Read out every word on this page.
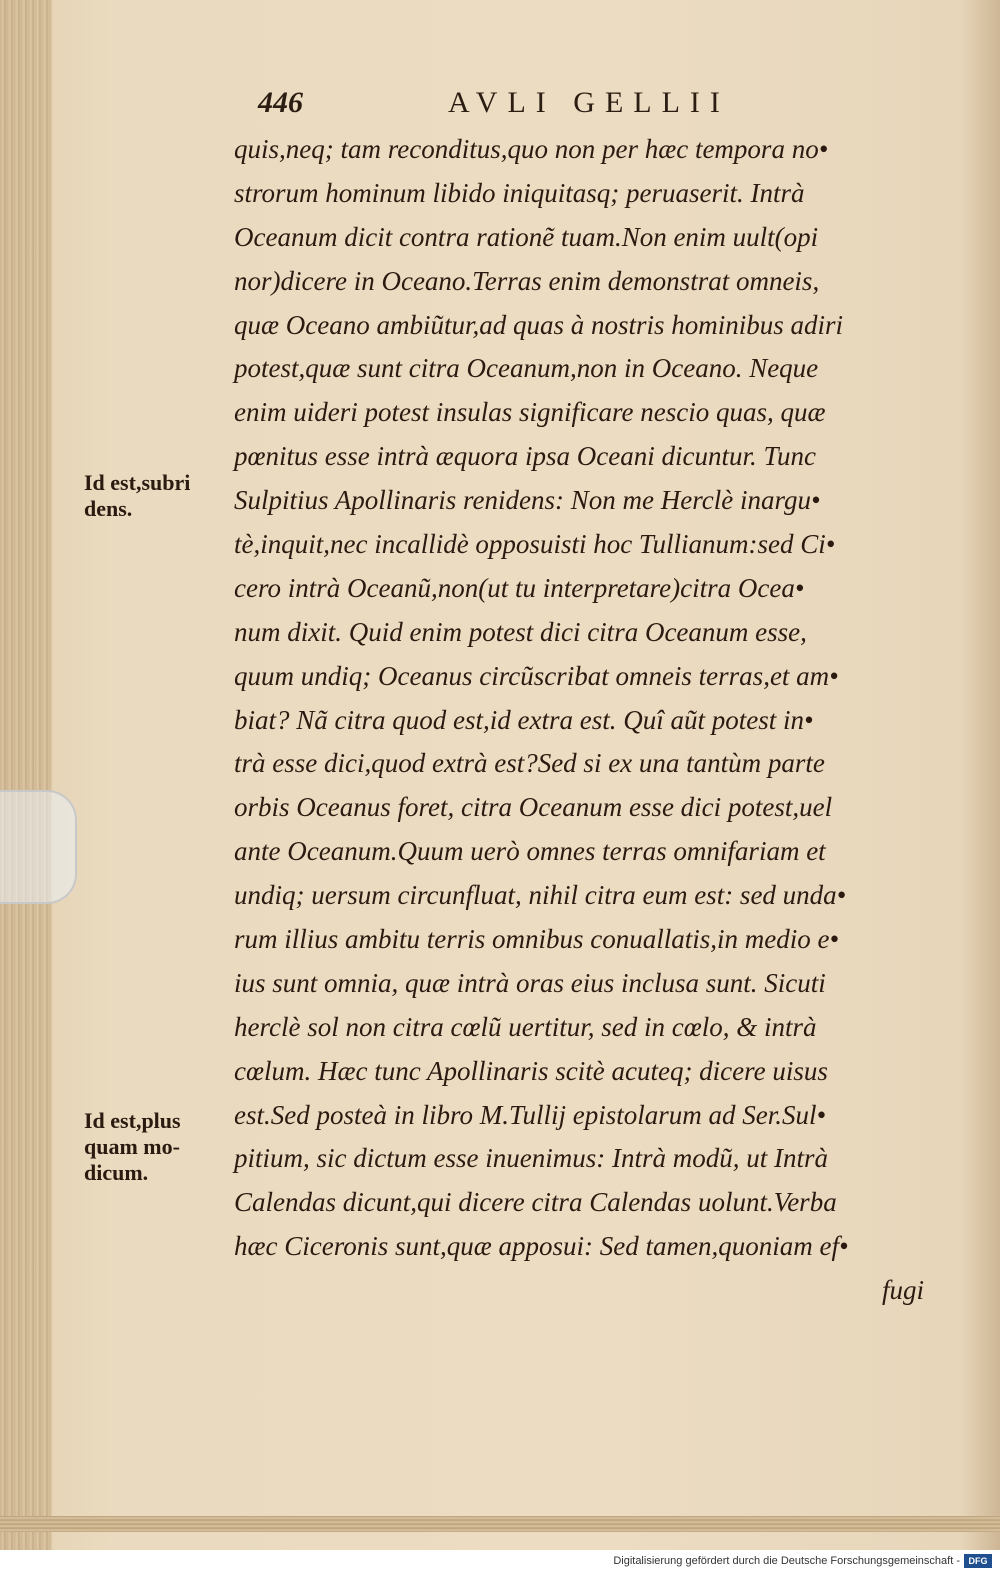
446	AVLI GELLII
quis,neq; tam reconditus,quo non per hæc tempora no•
strorum hominum libido iniquitasq; peruaserit. Intrà
Oceanum dicit contra rationẽ tuam.Non enim uult(opi
nor)dicere in Oceano.Terras enim demonstrat omneis,
quæ Oceano ambiũtur,ad quas à nostris hominibus adiri
potest,quæ sunt citra Oceanum,non in Oceano. Neque
enim uideri potest insulas significare nescio quas, quæ
pœnitus esse intrà æquora ipsa Oceani dicuntur. Tunc
Sulpitius Apollinaris renidens: Non me Herclè inargu•
tè,inquit,nec incallidè opposuisti hoc Tullianum:sed Ci•
cero intrà Oceanũ,non(ut tu interpretare)citra Ocea•
num dixit. Quid enim potest dici citra Oceanum esse,
quum undiq; Oceanus circũscribat omneis terras,et am•
biat? Nã citra quod est,id extra est. Quî aũt potest in•
trà esse dici,quod extrà est?Sed si ex una tantùm parte
orbis Oceanus foret, citra Oceanum esse dici potest,uel
ante Oceanum.Quum uerò omnes terras omnifariam et
undiq; uersum circunfluat, nihil citra eum est: sed unda•
rum illius ambitu terris omnibus conuallatis,in medio e•
ius sunt omnia, quæ intrà oras eius inclusa sunt. Sicuti
herclè sol non citra cœlũ uertitur, sed in cœlo, & intrà
cœlum. Hæc tunc Apollinaris scitè acuteq; dicere uisus
est.Sed posteà in libro M.Tullij epistolarum ad Ser.Sul•
pitium, sic dictum esse inuenimus: Intrà modũ, ut Intrà
Calendas dicunt,qui dicere citra Calendas uolunt.Verba
hæc Ciceronis sunt,quæ apposui: Sed tamen,quoniam ef•
fugi
Id est,subri
dens.
Id est,plus
quam mo-
dicum.
Digitalisierung gefördert durch die Deutsche Forschungsgemeinschaft - DFG
